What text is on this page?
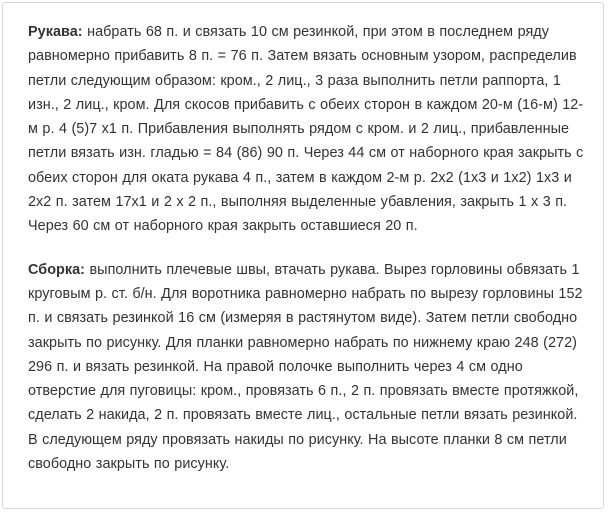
Рукава: набрать 68 п. и связать 10 см резинкой, при этом в последнем ряду равномерно прибавить 8 п. = 76 п. Затем вязать основным узором, распределив петли следующим образом: кром., 2 лиц., 3 раза выполнить петли раппорта, 1 изн., 2 лиц., кром. Для скосов прибавить с обеих сторон в каждом 20-м (16-м) 12-м р. 4 (5)7 х1 п. Прибавления выполнять рядом с кром. и 2 лиц., прибавленные петли вязать изн. гладью = 84 (86) 90 п. Через 44 см от наборного края закрыть с обеих сторон для оката рукава 4 п., затем в каждом 2-м р. 2х2 (1х3 и 1х2) 1х3 и 2х2 п. затем 17х1 и 2 х 2 п., выполняя выделенные убавления, закрыть 1 х 3 п. Через 60 см от наборного края закрыть оставшиеся 20 п.

Сборка: выполнить плечевые швы, втачать рукава. Вырез горловины обвязать 1 круговым р. ст. б/н. Для воротника равномерно набрать по вырезу горловины 152 п. и связать резинкой 16 см (измеряя в растянутом виде). Затем петли свободно закрыть по рисунку. Для планки равномерно набрать по нижнему краю 248 (272) 296 п. и вязать резинкой. На правой полочке выполнить через 4 см одно отверстие для пуговицы: кром., провязать 6 п., 2 п. провязать вместе протяжкой, сделать 2 накида, 2 п. провязать вместе лиц., остальные петли вязать резинкой. В следующем ряду провязать накиды по рисунку. На высоте планки 8 см петли свободно закрыть по рисунку.
